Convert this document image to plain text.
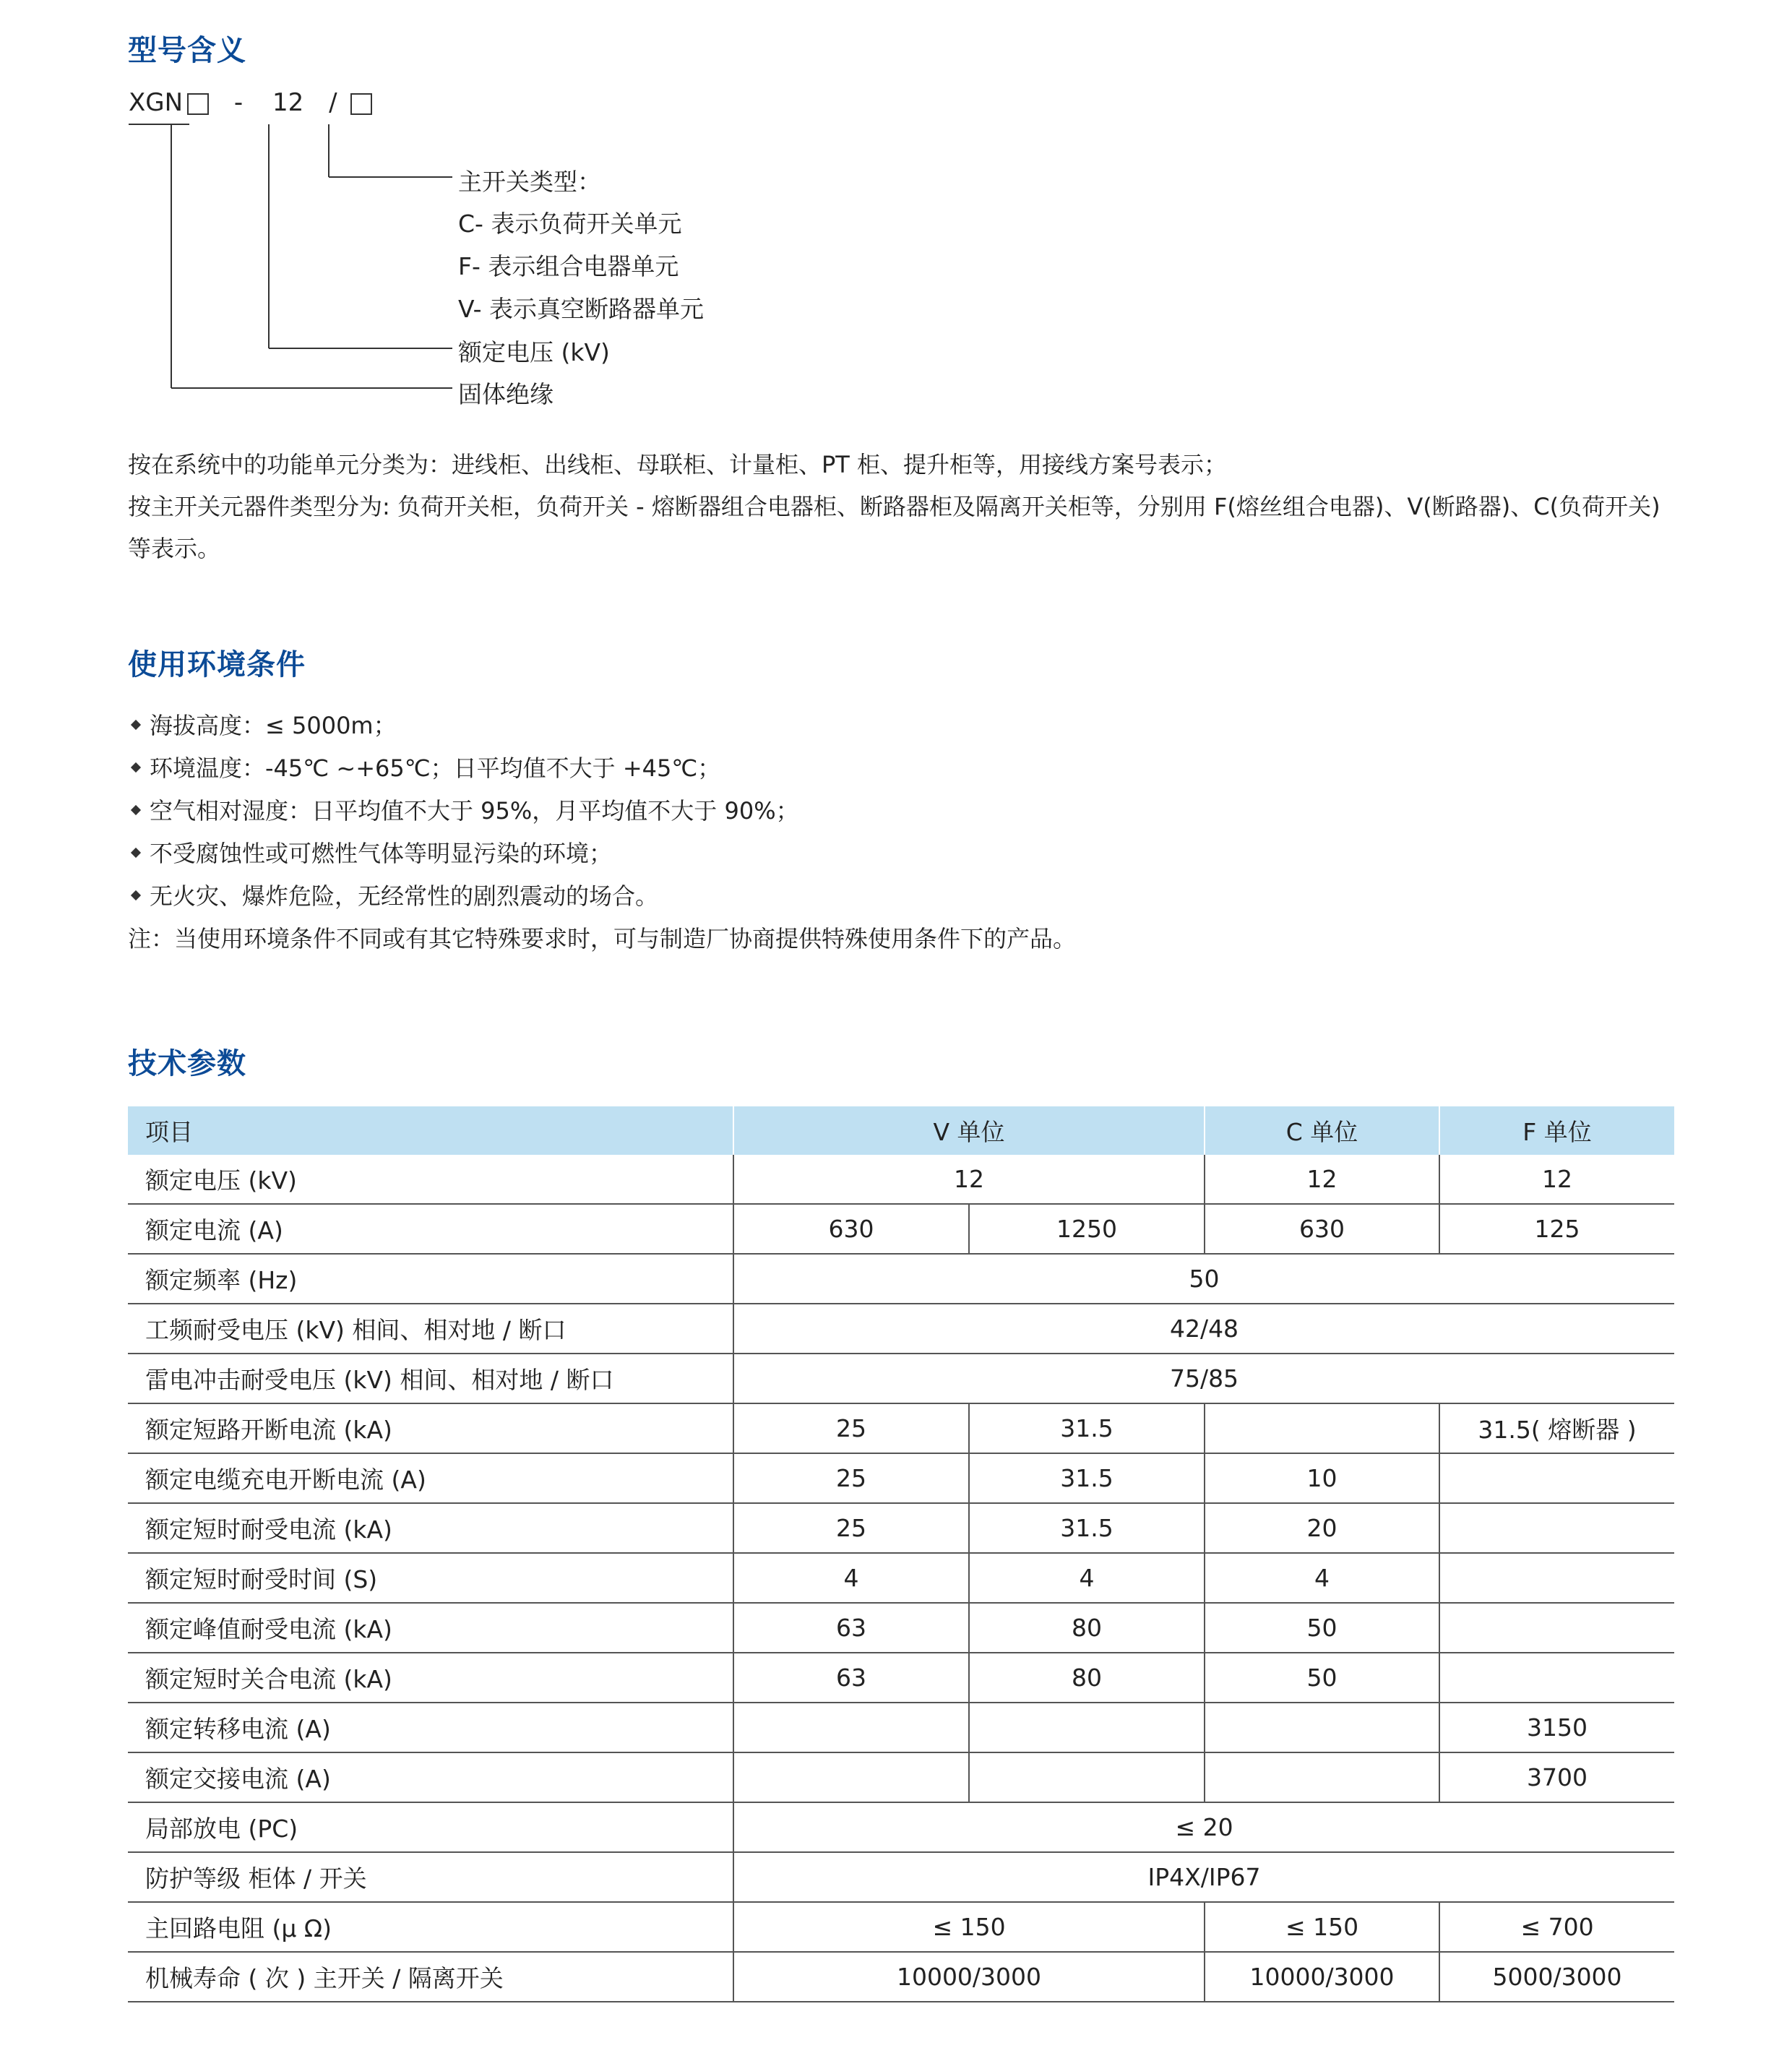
型号含义
XGN - 12 /
主开关类型：
C- 表示负荷开关单元
F- 表示组合电器单元
V- 表示真空断路器单元
额定电压 (kV)
固体绝缘
按在系统中的功能单元分类为：进线柜、出线柜、母联柜、计量柜、PT 柜、提升柜等，用接线方案号表示；
按主开关元器件类型分为: 负荷开关柜，负荷开关 - 熔断器组合电器柜、断路器柜及隔离开关柜等，分别用 F(熔丝组合电器)、V(断路器)、C(负荷开关)
等表示。
使用环境条件
海拔高度：≤ 5000m；
环境温度：-45℃ ~+65℃；日平均值不大于 +45℃；
空气相对湿度：日平均值不大于 95%，月平均值不大于 90%；
不受腐蚀性或可燃性气体等明显污染的环境；
无火灾、爆炸危险，无经常性的剧烈震动的场合。
注：当使用环境条件不同或有其它特殊要求时，可与制造厂协商提供特殊使用条件下的产品。
技术参数
项目	V 单位		C 单位	F 单位
额定电压 (kV)	12		12	12
额定电流 (A)	630	1250	630	125
额定频率 (Hz)	50			
工频耐受电压 (kV) 相间、相对地 / 断口	42/48			
雷电冲击耐受电压 (kV) 相间、相对地 / 断口	75/85			
额定短路开断电流 (kA)	25	31.5		31.5( 熔断器 )
额定电缆充电开断电流 (A)	25	31.5	10	
额定短时耐受电流 (kA)	25	31.5	20	
额定短时耐受时间 (S)	4	4	4	
额定峰值耐受电流 (kA)	63	80	50	
额定短时关合电流 (kA)	63	80	50	
额定转移电流 (A)				3150
额定交接电流 (A)				3700
局部放电 (PC)	≤ 20			
防护等级 柜体 / 开关	IP4X/IP67			
主回路电阻 (μ Ω)	≤ 150		≤ 150	≤ 700
机械寿命 ( 次 ) 主开关 / 隔离开关	10000/3000		10000/3000	5000/3000
